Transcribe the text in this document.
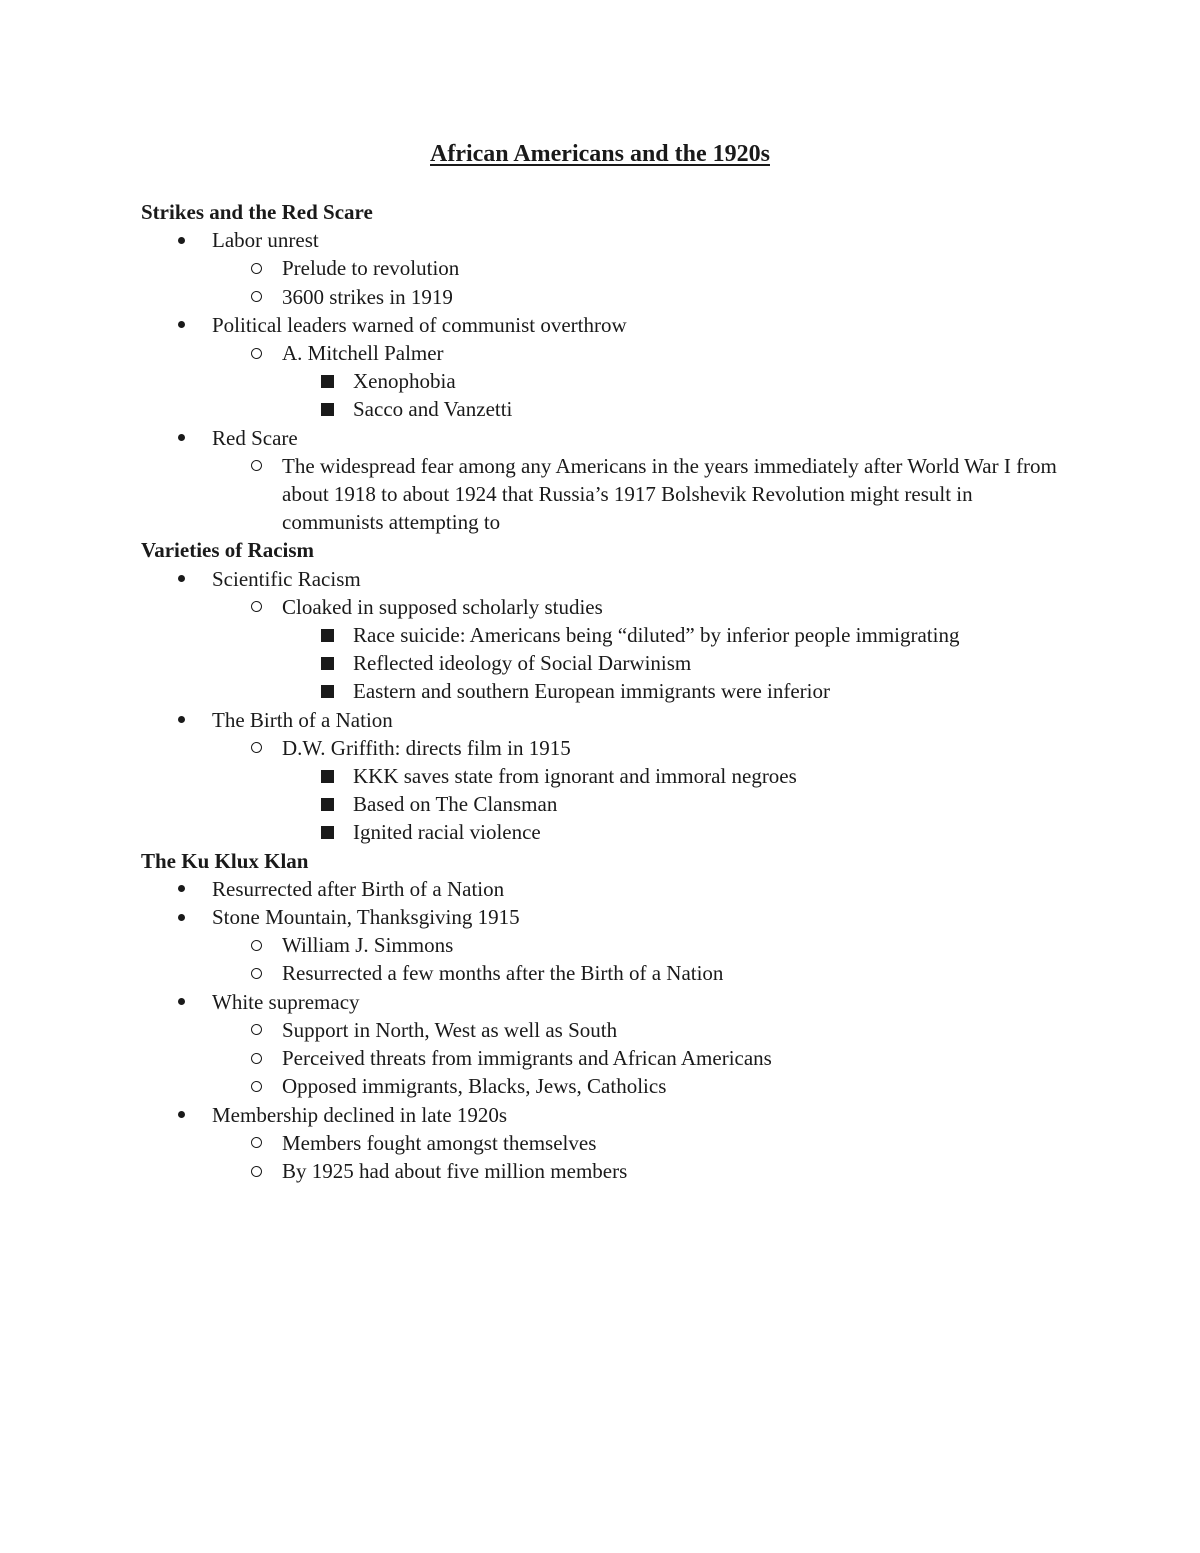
African Americans and the 1920s
Strikes and the Red Scare
Labor unrest
Prelude to revolution
3600 strikes in 1919
Political leaders warned of communist overthrow
A. Mitchell Palmer
Xenophobia
Sacco and Vanzetti
Red Scare
The widespread fear among any Americans in the years immediately after World War I from about 1918 to about 1924 that Russia’s 1917 Bolshevik Revolution might result in communists attempting to
Varieties of Racism
Scientific Racism
Cloaked in supposed scholarly studies
Race suicide: Americans being “diluted” by inferior people immigrating
Reflected ideology of Social Darwinism
Eastern and southern European immigrants were inferior
The Birth of a Nation
D.W. Griffith: directs film in 1915
KKK saves state from ignorant and immoral negroes
Based on The Clansman
Ignited racial violence
The Ku Klux Klan
Resurrected after Birth of a Nation
Stone Mountain, Thanksgiving 1915
William J. Simmons
Resurrected a few months after the Birth of a Nation
White supremacy
Support in North, West as well as South
Perceived threats from immigrants and African Americans
Opposed immigrants, Blacks, Jews, Catholics
Membership declined in late 1920s
Members fought amongst themselves
By 1925 had about five million members
